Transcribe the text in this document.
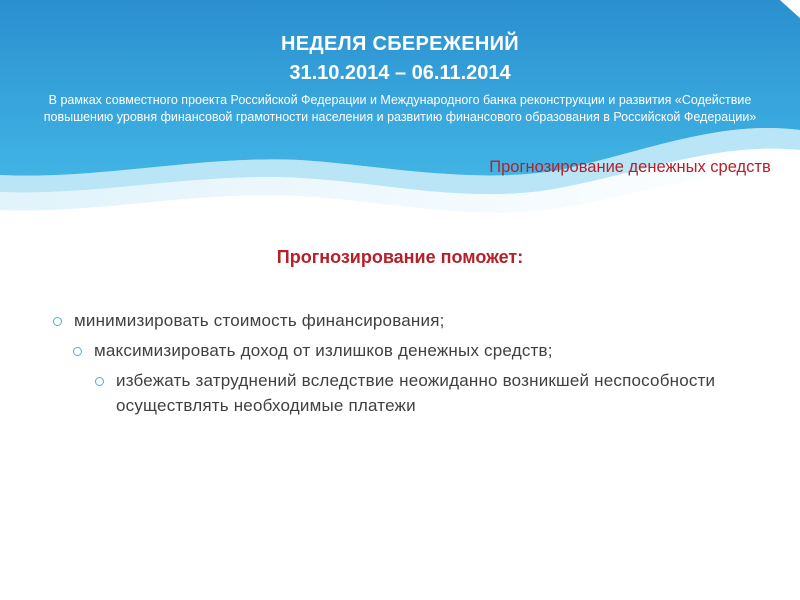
НЕДЕЛЯ СБЕРЕЖЕНИЙ
31.10.2014 – 06.11.2014
В рамках совместного проекта Российской Федерации и Международного банка реконструкции и развития «Содействие повышению уровня финансовой грамотности населения и развитию финансового образования в Российской Федерации»
Прогнозирование денежных средств
Прогнозирование поможет:
минимизировать стоимость финансирования;
максимизировать доход от излишков денежных средств;
избежать затруднений вследствие неожиданно возникшей неспособности осуществлять необходимые платежи
